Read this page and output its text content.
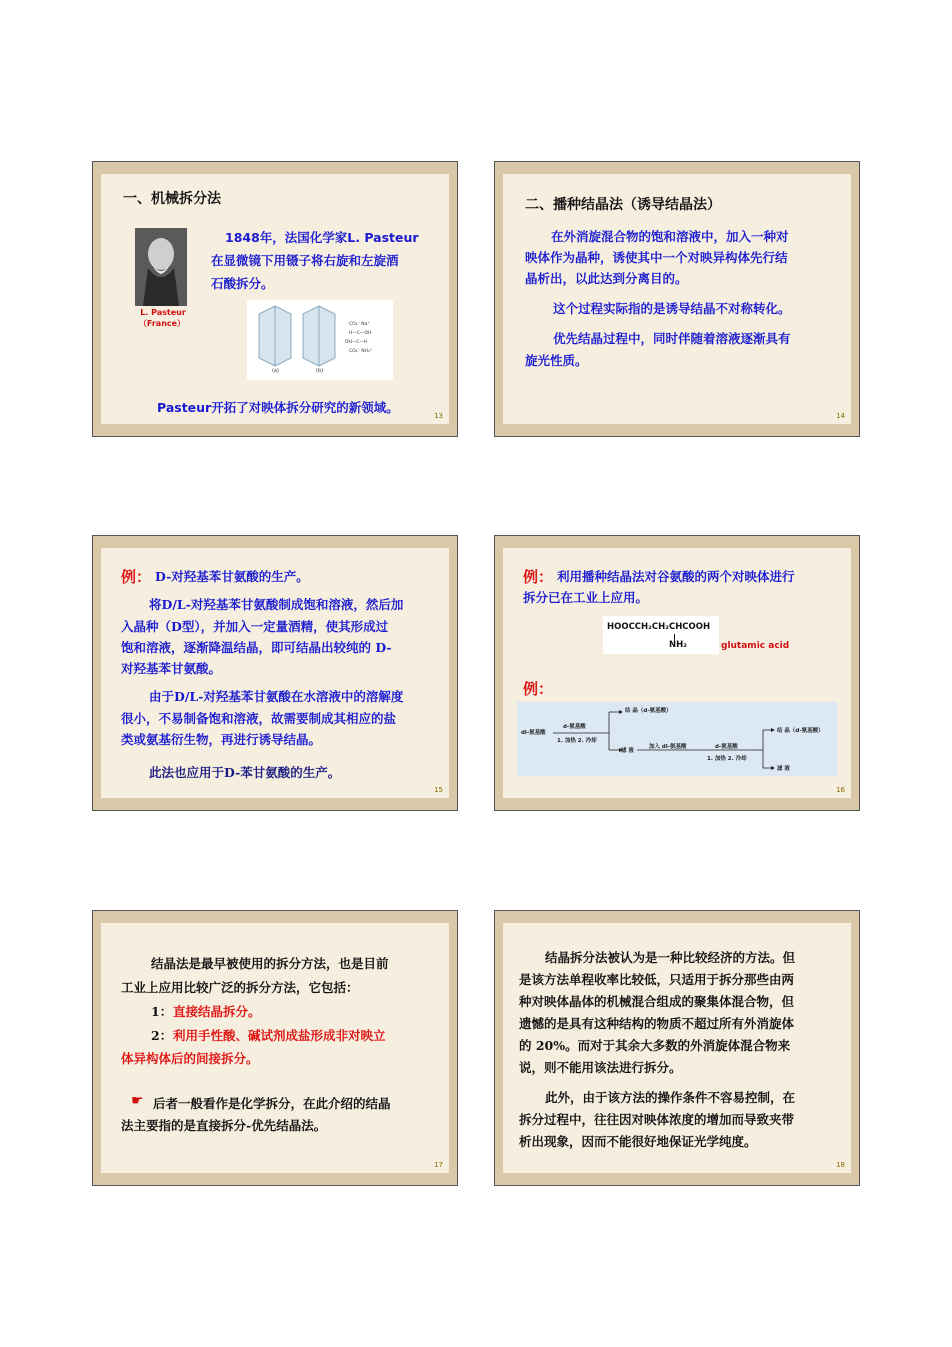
一、机械拆分法
L. Pasteur
（France）
1848年，法国化学家L. Pasteur
在显微镜下用镊子将右旋和左旋酒
石酸拆分。
(a)	(b)
CO₂⁻ Na⁺
H—C—OH
OH—C—H
CO₂⁻ NH₄⁺
Pasteur开拓了对映体拆分研究的新领域。
13
二、播种结晶法（诱导结晶法）
在外消旋混合物的饱和溶液中，加入一种对
映体作为晶种，诱使其中一个对映异构体先行结
晶析出，以此达到分离目的。
这个过程实际指的是诱导结晶不对称转化。
优先结晶过程中，同时伴随着溶液逐渐具有
旋光性质。
14
例： D-对羟基苯甘氨酸的生产。
将D/L-对羟基苯甘氨酸制成饱和溶液，然后加
入晶种（D型），并加入一定量酒精，使其形成过
饱和溶液，逐渐降温结晶，即可结晶出较纯的 D-
对羟基苯甘氨酸。
由于D/L-对羟基苯甘氨酸在水溶液中的溶解度
很小，不易制备饱和溶液，故需要制成其相应的盐
类或氨基衍生物，再进行诱导结晶。
此法也应用于D-苯甘氨酸的生产。
15
例： 利用播种结晶法对谷氨酸的两个对映体进行
拆分已在工业上应用。
HOOCCH₂CH₂CHCOOH
NH₂	glutamic acid
例：
dl-氨基酸
d-氨基酸
1. 加热 2. 冷却
结 晶（d-氨基酸）
滤 液
加入 dl-氨基酸	d-氨基酸
1. 加热 2. 冷却
结 晶（d-氨基酸）
滤 液
16
结晶法是最早被使用的拆分方法，也是目前
工业上应用比较广泛的拆分方法，它包括：
1： 直接结晶拆分。
2： 利用手性酸、碱试剂成盐形成非对映立
体异构体后的间接拆分。
☛ 后者一般看作是化学拆分，在此介绍的结晶
法主要指的是直接拆分-优先结晶法。
17
结晶拆分法被认为是一种比较经济的方法。但
是该方法单程收率比较低，只适用于拆分那些由两
种对映体晶体的机械混合组成的聚集体混合物，但
遗憾的是具有这种结构的物质不超过所有外消旋体
的 20%。而对于其余大多数的外消旋体混合物来
说，则不能用该法进行拆分。
此外，由于该方法的操作条件不容易控制，在
拆分过程中，往往因对映体浓度的增加而导致夹带
析出现象，因而不能很好地保证光学纯度。
18
